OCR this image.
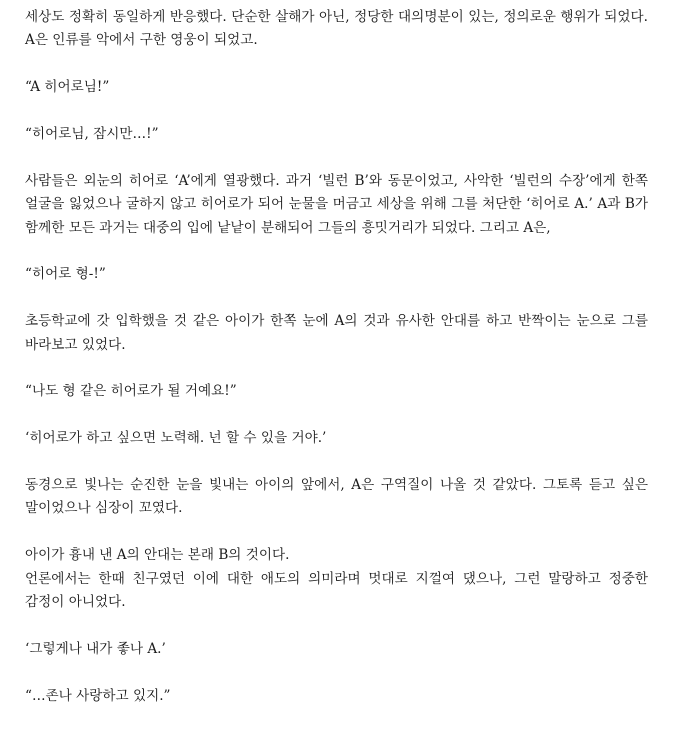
세상도 정확히 동일하게 반응했다. 단순한 살해가 아닌, 정당한 대의명분이 있는, 정의로운 행위가 되었다. A은 인류를 악에서 구한 영웅이 되었고.

“A 히어로님!”

“히어로님, 잠시만…!”

사람들은 외눈의 히어로 ‘A’에게 열광했다. 과거 ‘빌런 B’와 동문이었고, 사악한 ‘빌런의 수장’에게 한쪽 얼굴을 잃었으나 굴하지 않고 히어로가 되어 눈물을 머금고 세상을 위해 그를 처단한 ‘히어로 A.’ A과 B가 함께한 모든 과거는 대중의 입에 낱낱이 분해되어 그들의 흥밋거리가 되었다. 그리고 A은,

“히어로 형-!”

초등학교에 갓 입학했을 것 같은 아이가 한쪽 눈에 A의 것과 유사한 안대를 하고 반짝이는 눈으로 그를 바라보고 있었다.

“나도 형 같은 히어로가 될 거예요!”

‘히어로가 하고 싶으면 노력해. 넌 할 수 있을 거야.’

동경으로 빛나는 순진한 눈을 빛내는 아이의 앞에서, A은 구역질이 나올 것 같았다. 그토록 듣고 싶은 말이었으나 심장이 꼬였다.

아이가 흉내 낸 A의 안대는 본래 B의 것이다.

언론에서는 한때 친구였던 이에 대한 애도의 의미라며 멋대로 지껄여 댔으나, 그런 말랑하고 정중한 감정이 아니었다.

‘그렇게나 내가 좋나 A.’

“…존나 사랑하고 있지.”
